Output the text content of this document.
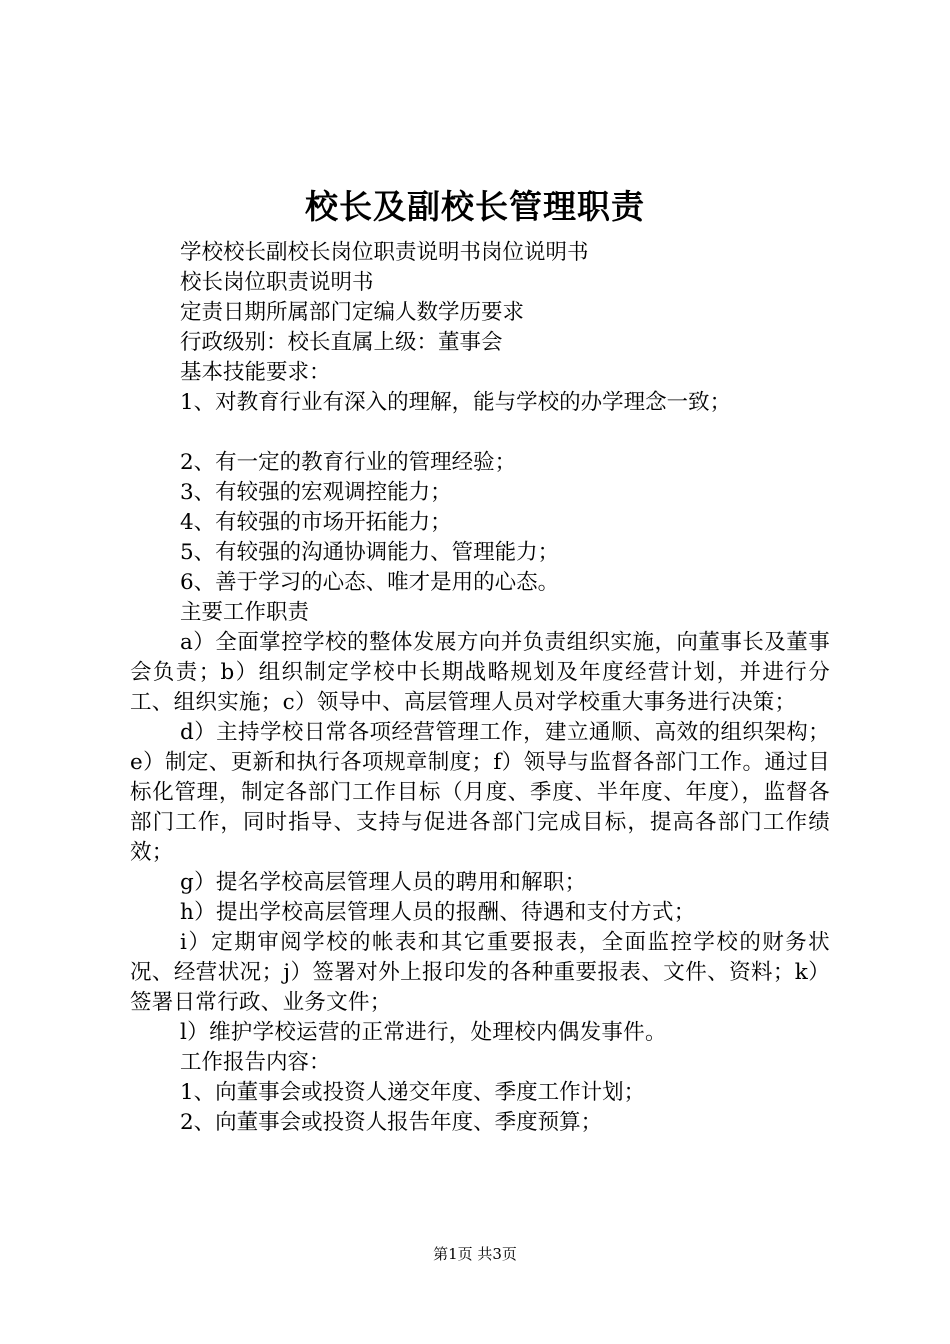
校长及副校长管理职责
学校校长副校长岗位职责说明书岗位说明书
校长岗位职责说明书
定责日期所属部门定编人数学历要求
行政级别：校长直属上级：董事会
基本技能要求：
1、对教育行业有深入的理解，能与学校的办学理念一致；
2、有一定的教育行业的管理经验；
3、有较强的宏观调控能力；
4、有较强的市场开拓能力；
5、有较强的沟通协调能力、管理能力；
6、善于学习的心态、唯才是用的心态。
主要工作职责

a）全面掌控学校的整体发展方向并负责组织实施，向董事长及董事会负责；b）组织制定学校中长期战略规划及年度经营计划，并进行分工、组织实施；c）领导中、高层管理人员对学校重大事务进行决策；

d）主持学校日常各项经营管理工作，建立通顺、高效的组织架构；e）制定、更新和执行各项规章制度；f）领导与监督各部门工作。通过目标化管理，制定各部门工作目标（月度、季度、半年度、年度），监督各部门工作，同时指导、支持与促进各部门完成目标，提高各部门工作绩效；

g）提名学校高层管理人员的聘用和解职；

h）提出学校高层管理人员的报酬、待遇和支付方式；

i）定期审阅学校的帐表和其它重要报表，全面监控学校的财务状况、经营状况；j）签署对外上报印发的各种重要报表、文件、资料；k）签署日常行政、业务文件；

l）维护学校运营的正常进行，处理校内偶发事件。

工作报告内容：
1、向董事会或投资人递交年度、季度工作计划；
2、向董事会或投资人报告年度、季度预算；
第1页 共3页
